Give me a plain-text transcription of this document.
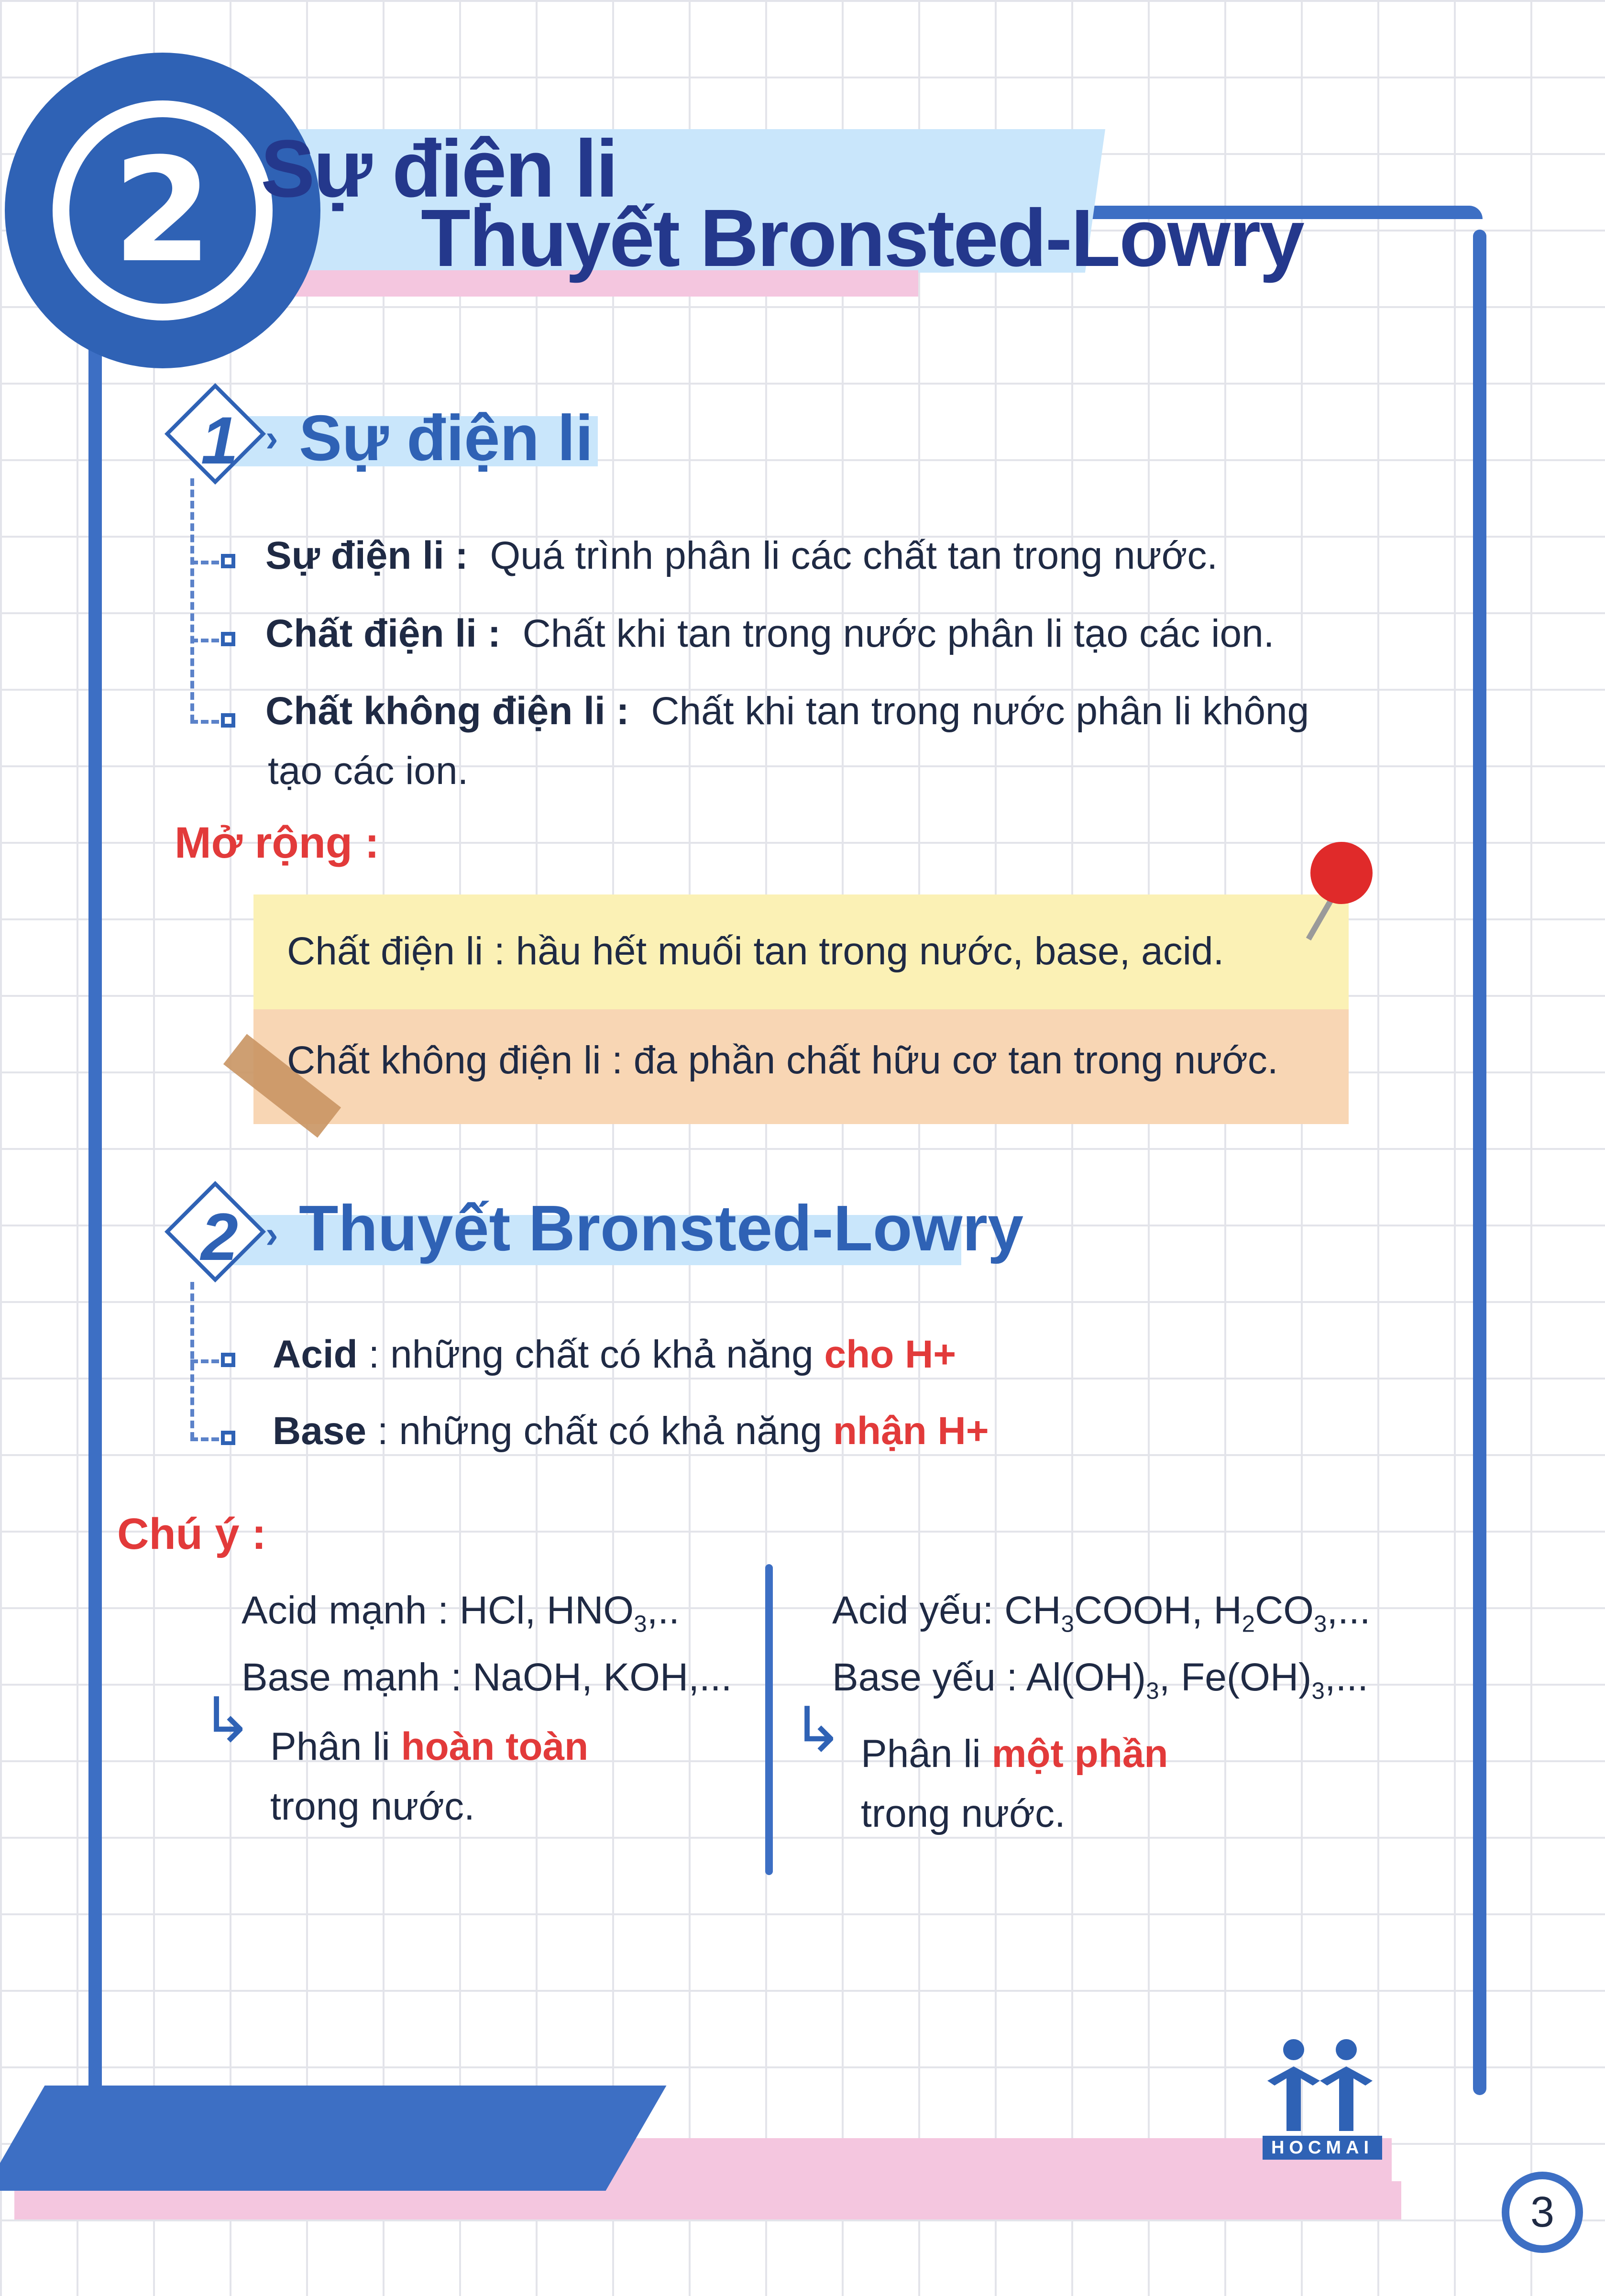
2 Sự điện li
Thuyết Bronsted-Lowry
1 › Sự điện li
Sự điện li : Quá trình phân li các chất tan trong nước.
Chất điện li : Chất khi tan trong nước phân li tạo các ion.
Chất không điện li : Chất khi tan trong nước phân li không
tạo các ion.
Mở rộng :
Chất điện li : hầu hết muối tan trong nước, base, acid.
Chất không điện li : đa phần chất hữu cơ tan trong nước.
2 › Thuyết Bronsted-Lowry
Acid : những chất có khả năng cho H+
Base : những chất có khả năng nhận H+
Chú ý :
Acid mạnh : HCl, $HNO_3$,..
Base mạnh : NaOH, KOH,...
↳ Phân li hoàn toàn
trong nước.
Acid yếu: $CH_3COOH$, $H_2CO_3$,...
Base yếu : $Al(OH)_3$, $Fe(OH)_3$,...
↳ Phân li một phần
trong nước.
HOCMAI
3
